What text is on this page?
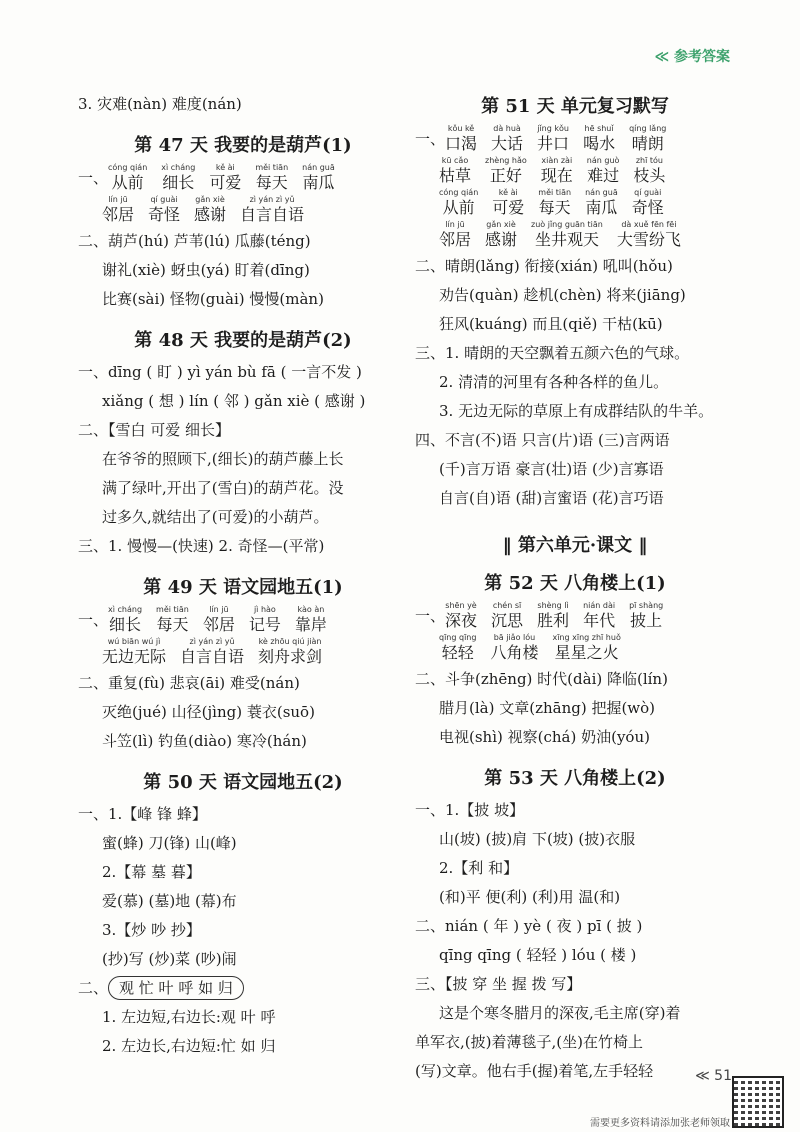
≪ 参考答案
3. 灾难(nàn) 难度(nán)
第 47 天 我要的是葫芦(1)
一、
cóng qián
从前
xì cháng
细长
kě ài
可爱
měi tiān
每天
nán guā
南瓜
lín jū
邻居
qí guài
奇怪
gǎn xiè
感谢
zì yán zì yǔ
自言自语
二、葫芦(hú) 芦苇(lú) 瓜藤(téng)
谢礼(xiè) 蚜虫(yá) 盯着(dīng)
比赛(sài) 怪物(guài) 慢慢(màn)
第 48 天 我要的是葫芦(2)
一、dīng ( 盯 ) yì yán bù fā ( 一言不发 )
xiǎng ( 想 ) lín ( 邻 ) gǎn xiè ( 感谢 )
二、【雪白 可爱 细长】
在爷爷的照顾下,(细长)的葫芦藤上长
满了绿叶,开出了(雪白)的葫芦花。没
过多久,就结出了(可爱)的小葫芦。
三、1. 慢慢—(快速) 2. 奇怪—(平常)
第 49 天 语文园地五(1)
一、
xì cháng
细长
měi tiān
每天
lín jū
邻居
jì hào
记号
kào àn
靠岸
wú biān wú jì
无边无际
zì yán zì yǔ
自言自语
kè zhōu qiú jiàn
刻舟求剑
二、重复(fù) 悲哀(āi) 难受(nán)
灭绝(jué) 山径(jìng) 蓑衣(suō)
斗笠(lì) 钓鱼(diào) 寒冷(hán)
第 50 天 语文园地五(2)
一、1.【峰 锋 蜂】
蜜(蜂) 刀(锋) 山(峰)
2.【幕 墓 暮】
爱(慕) (墓)地 (幕)布
3.【炒 吵 抄】
(抄)写 (炒)菜 (吵)闹
二、 观 忙 叶 呼 如 归
1. 左边短,右边长:观 叶 呼
2. 左边长,右边短:忙 如 归
第 51 天 单元复习默写
一、
kǒu kě
口渴
dà huà
大话
jǐng kǒu
井口
hē shuǐ
喝水
qíng lǎng
晴朗
kū cǎo
枯草
zhèng hǎo
正好
xiàn zài
现在
nán guò
难过
zhī tóu
枝头
cóng qián
从前
kě ài
可爱
měi tiān
每天
nán guā
南瓜
qí guài
奇怪
lín jū
邻居
gǎn xiè
感谢
zuò jǐng guān tiān
坐井观天
dà xuě fēn fēi
大雪纷飞
二、晴朗(lǎng) 衔接(xián) 吼叫(hǒu)
劝告(quàn) 趁机(chèn) 将来(jiāng)
狂风(kuáng) 而且(qiě) 干枯(kū)
三、1. 晴朗的天空飘着五颜六色的气球。
2. 清清的河里有各种各样的鱼儿。
3. 无边无际的草原上有成群结队的牛羊。
四、不言(不)语 只言(片)语 (三)言两语
(千)言万语 豪言(壮)语 (少)言寡语
自言(自)语 (甜)言蜜语 (花)言巧语
‖ 第六单元·课文 ‖
第 52 天 八角楼上(1)
一、
shēn yè
深夜
chén sī
沉思
shèng lì
胜利
nián dài
年代
pī shàng
披上
qīng qīng
轻轻
bā jiǎo lóu
八角楼
xīng xīng zhī huǒ
星星之火
二、斗争(zhēng) 时代(dài) 降临(lín)
腊月(là) 文章(zhāng) 把握(wò)
电视(shì) 视察(chá) 奶油(yóu)
第 53 天 八角楼上(2)
一、1.【披 坡】
山(坡) (披)肩 下(坡) (披)衣服
2.【利 和】
(和)平 便(利) (利)用 温(和)
二、nián ( 年 ) yè ( 夜 ) pī ( 披 )
qīng qīng ( 轻轻 ) lóu ( 楼 )
三、【披 穿 坐 握 拨 写】
这是个寒冬腊月的深夜,毛主席(穿)着
单军衣,(披)着薄毯子,(坐)在竹椅上
(写)文章。他右手(握)着笔,左手轻轻	≪ 51
需要更多资料请添加张老师领取
